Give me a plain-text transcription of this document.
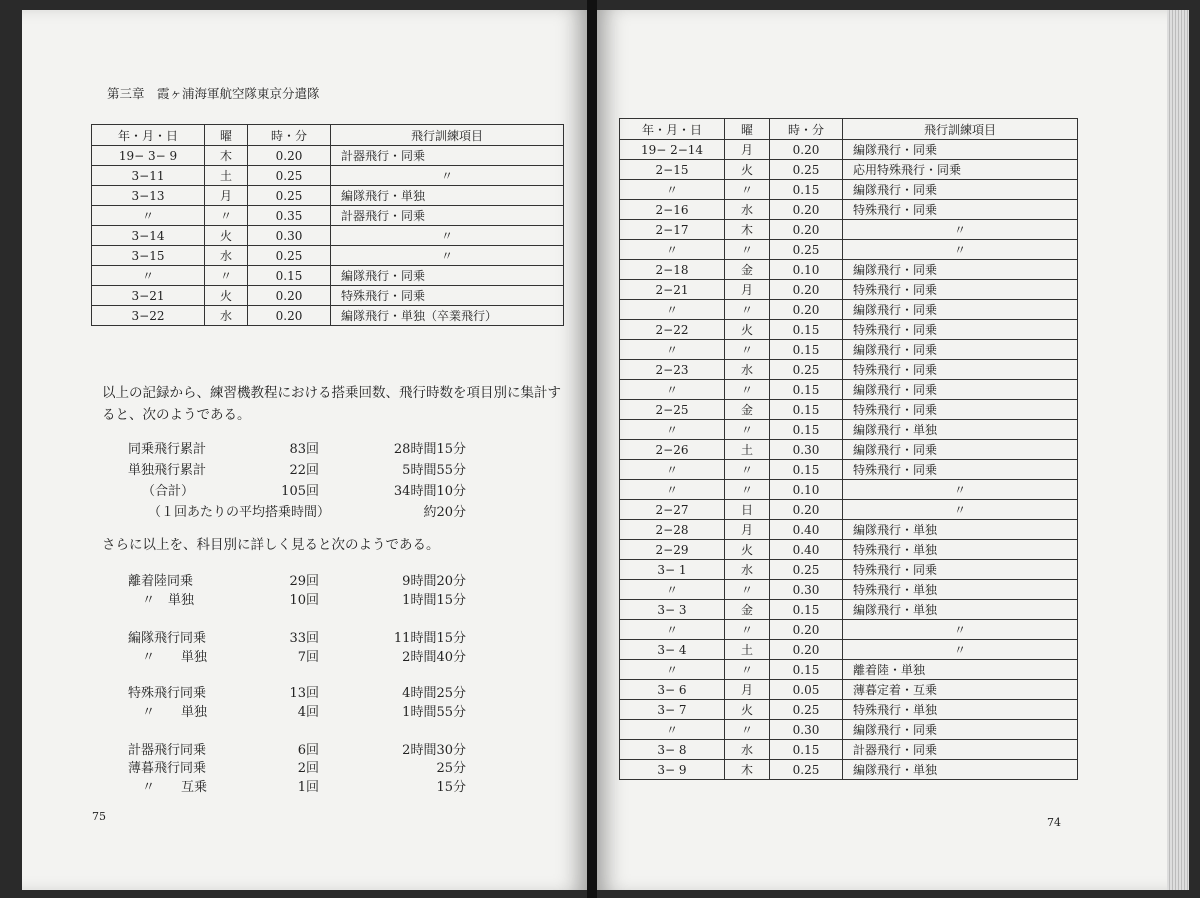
第三章　霞ヶ浦海軍航空隊東京分遣隊
年・月・日	曜	時・分	飛行訓練項目
19− 3− 9	木	0.20	計器飛行・同乗
3−11	土	0.25	〃
3−13	月	0.25	編隊飛行・単独
〃	〃	0.35	計器飛行・同乗
3−14	火	0.30	〃
3−15	水	0.25	〃
〃	〃	0.15	編隊飛行・同乗
3−21	火	0.20	特殊飛行・同乗
3−22	水	0.20	編隊飛行・単独（卒業飛行）
以上の記録から、練習機教程における搭乗回数、飛行時数を項目別に集計すると、次のようである。
同乗飛行累計	83回	28時間15分
単独飛行累計	22回	5時間55分
（合計）	105回	34時間10分
（１回あたりの平均搭乗時間）	約20分
さらに以上を、科目別に詳しく見ると次のようである。
離着陸同乗	29回	9時間20分
〃　単独	10回	1時間15分
編隊飛行同乗	33回	11時間15分
〃　　単独	7回	2時間40分
特殊飛行同乗	13回	4時間25分
〃　　単独	4回	1時間55分
計器飛行同乗	6回	2時間30分
薄暮飛行同乗	2回	25分
〃　　互乗	1回	15分
75
年・月・日	曜	時・分	飛行訓練項目
19− 2−14	月	0.20	編隊飛行・同乗
2−15	火	0.25	応用特殊飛行・同乗
〃	〃	0.15	編隊飛行・同乗
2−16	水	0.20	特殊飛行・同乗
2−17	木	0.20	〃
〃	〃	0.25	〃
2−18	金	0.10	編隊飛行・同乗
2−21	月	0.20	特殊飛行・同乗
〃	〃	0.20	編隊飛行・同乗
2−22	火	0.15	特殊飛行・同乗
〃	〃	0.15	編隊飛行・同乗
2−23	水	0.25	特殊飛行・同乗
〃	〃	0.15	編隊飛行・同乗
2−25	金	0.15	特殊飛行・同乗
〃	〃	0.15	編隊飛行・単独
2−26	土	0.30	編隊飛行・同乗
〃	〃	0.15	特殊飛行・同乗
〃	〃	0.10	〃
2−27	日	0.20	〃
2−28	月	0.40	編隊飛行・単独
2−29	火	0.40	特殊飛行・単独
3− 1	水	0.25	特殊飛行・同乗
〃	〃	0.30	特殊飛行・単独
3− 3	金	0.15	編隊飛行・単独
〃	〃	0.20	〃
3− 4	土	0.20	〃
〃	〃	0.15	離着陸・単独
3− 6	月	0.05	薄暮定着・互乗
3− 7	火	0.25	特殊飛行・単独
〃	〃	0.30	編隊飛行・同乗
3− 8	水	0.15	計器飛行・同乗
3− 9	木	0.25	編隊飛行・単独
74
